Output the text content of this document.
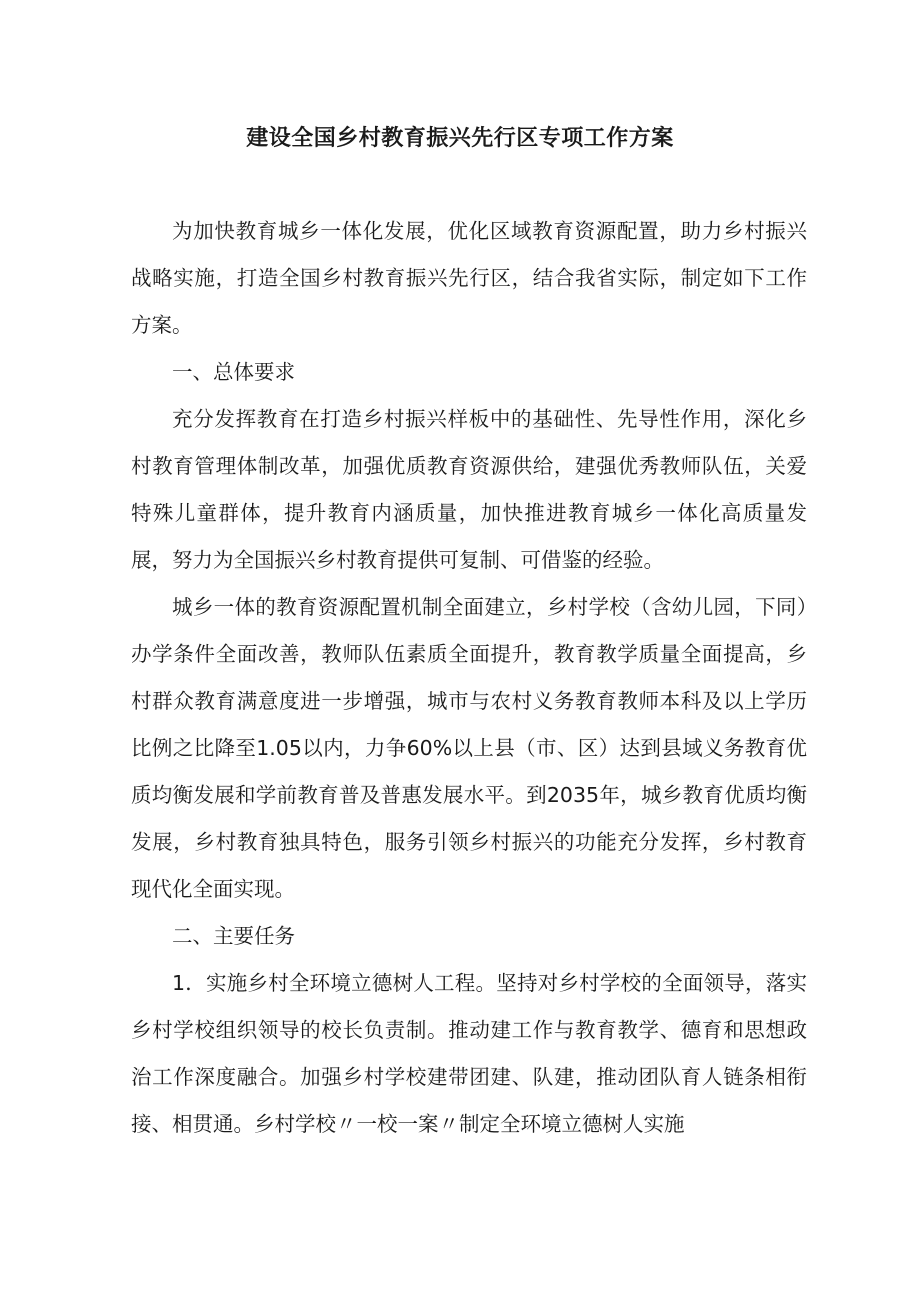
建设全国乡村教育振兴先行区专项工作方案

为加快教育城乡一体化发展，优化区域教育资源配置，助力乡村振兴战略实施，打造全国乡村教育振兴先行区，结合我省实际，制定如下工作方案。

一、总体要求

充分发挥教育在打造乡村振兴样板中的基础性、先导性作用，深化乡村教育管理体制改革，加强优质教育资源供给，建强优秀教师队伍，关爱特殊儿童群体，提升教育内涵质量，加快推进教育城乡一体化高质量发展，努力为全国振兴乡村教育提供可复制、可借鉴的经验。

城乡一体的教育资源配置机制全面建立，乡村学校（含幼儿园，下同）办学条件全面改善，教师队伍素质全面提升，教育教学质量全面提高，乡村群众教育满意度进一步增强，城市与农村义务教育教师本科及以上学历比例之比降至1.05以内，力争60%以上县（市、区）达到县域义务教育优质均衡发展和学前教育普及普惠发展水平。到2035年，城乡教育优质均衡发展，乡村教育独具特色，服务引领乡村振兴的功能充分发挥，乡村教育现代化全面实现。

二、主要任务

1．实施乡村全环境立德树人工程。坚持对乡村学校的全面领导，落实乡村学校组织领导的校长负责制。推动建工作与教育教学、德育和思想政治工作深度融合。加强乡村学校建带团建、队建，推动团队育人链条相衔接、相贯通。乡村学校〃一校一案〃制定全环境立德树人实施
